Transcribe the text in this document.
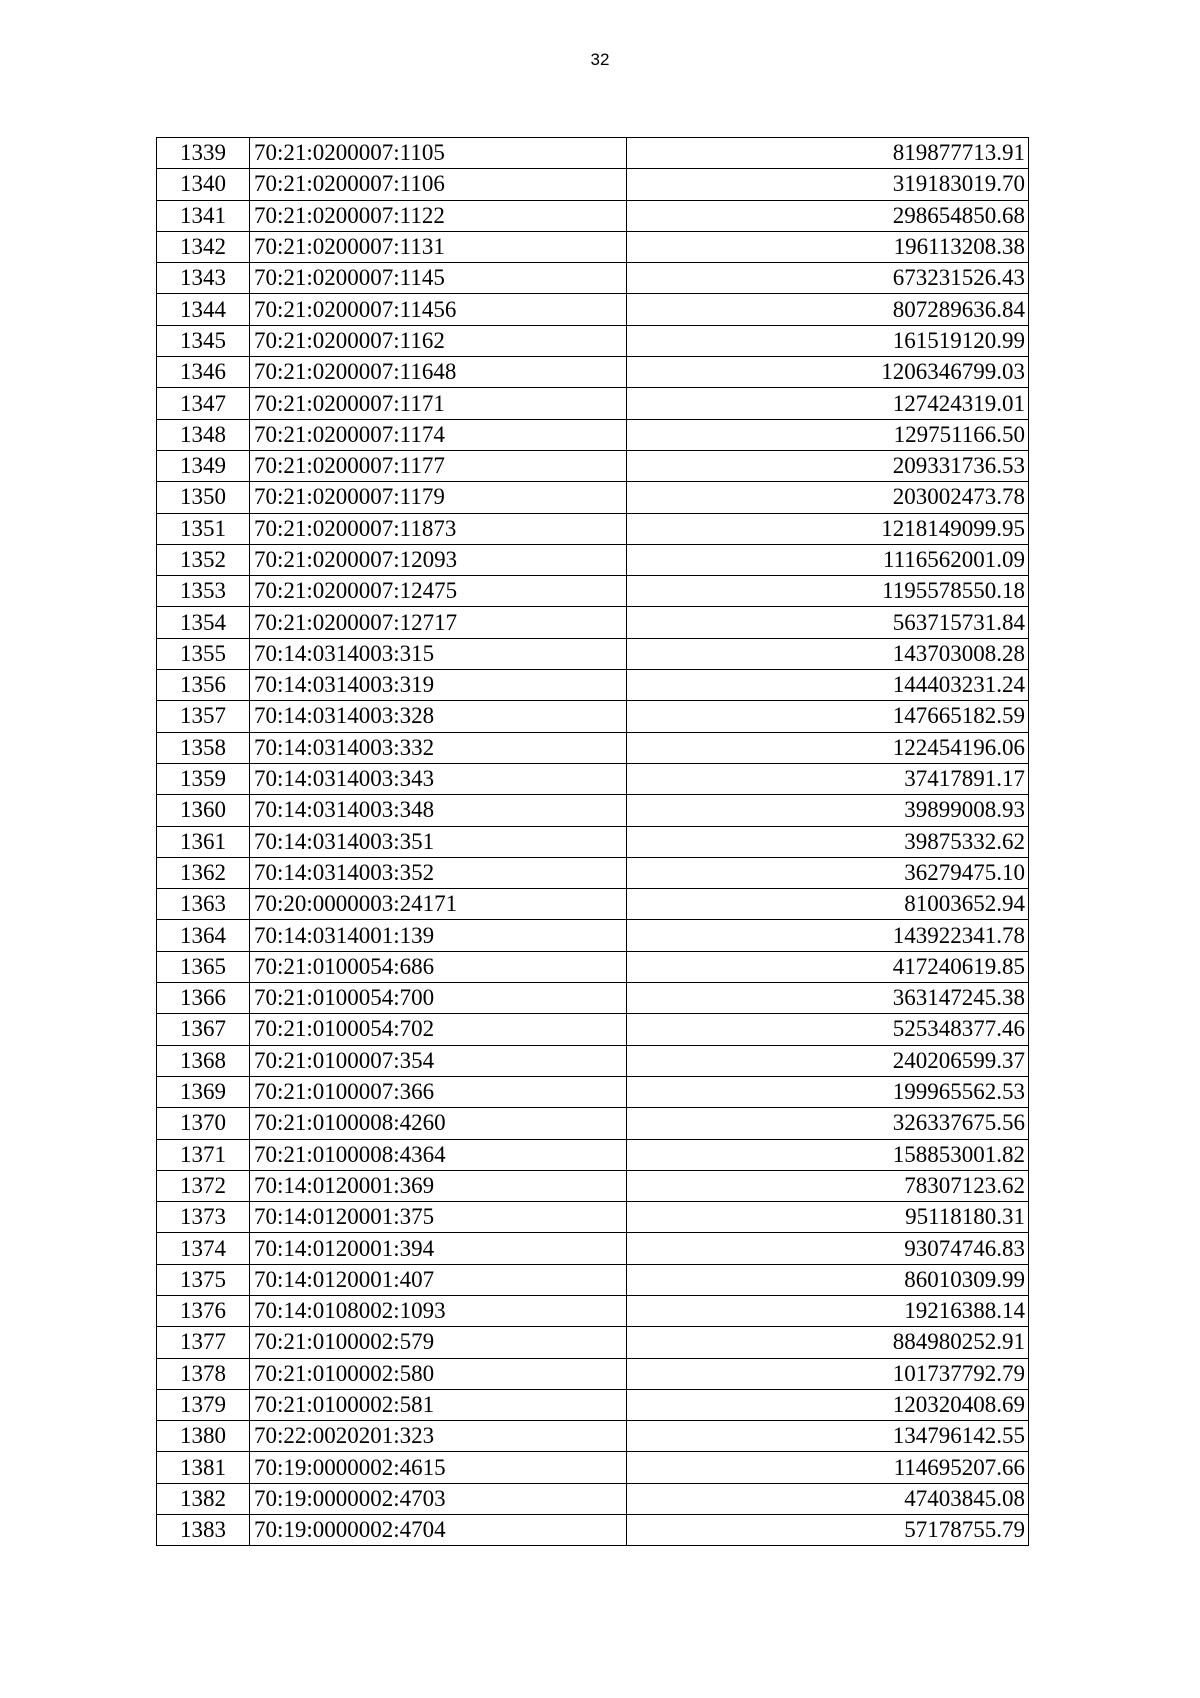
32
1339	70:21:0200007:1105	819877713.91
1340	70:21:0200007:1106	319183019.70
1341	70:21:0200007:1122	298654850.68
1342	70:21:0200007:1131	196113208.38
1343	70:21:0200007:1145	673231526.43
1344	70:21:0200007:11456	807289636.84
1345	70:21:0200007:1162	161519120.99
1346	70:21:0200007:11648	1206346799.03
1347	70:21:0200007:1171	127424319.01
1348	70:21:0200007:1174	129751166.50
1349	70:21:0200007:1177	209331736.53
1350	70:21:0200007:1179	203002473.78
1351	70:21:0200007:11873	1218149099.95
1352	70:21:0200007:12093	1116562001.09
1353	70:21:0200007:12475	1195578550.18
1354	70:21:0200007:12717	563715731.84
1355	70:14:0314003:315	143703008.28
1356	70:14:0314003:319	144403231.24
1357	70:14:0314003:328	147665182.59
1358	70:14:0314003:332	122454196.06
1359	70:14:0314003:343	37417891.17
1360	70:14:0314003:348	39899008.93
1361	70:14:0314003:351	39875332.62
1362	70:14:0314003:352	36279475.10
1363	70:20:0000003:24171	81003652.94
1364	70:14:0314001:139	143922341.78
1365	70:21:0100054:686	417240619.85
1366	70:21:0100054:700	363147245.38
1367	70:21:0100054:702	525348377.46
1368	70:21:0100007:354	240206599.37
1369	70:21:0100007:366	199965562.53
1370	70:21:0100008:4260	326337675.56
1371	70:21:0100008:4364	158853001.82
1372	70:14:0120001:369	78307123.62
1373	70:14:0120001:375	95118180.31
1374	70:14:0120001:394	93074746.83
1375	70:14:0120001:407	86010309.99
1376	70:14:0108002:1093	19216388.14
1377	70:21:0100002:579	884980252.91
1378	70:21:0100002:580	101737792.79
1379	70:21:0100002:581	120320408.69
1380	70:22:0020201:323	134796142.55
1381	70:19:0000002:4615	114695207.66
1382	70:19:0000002:4703	47403845.08
1383	70:19:0000002:4704	57178755.79
